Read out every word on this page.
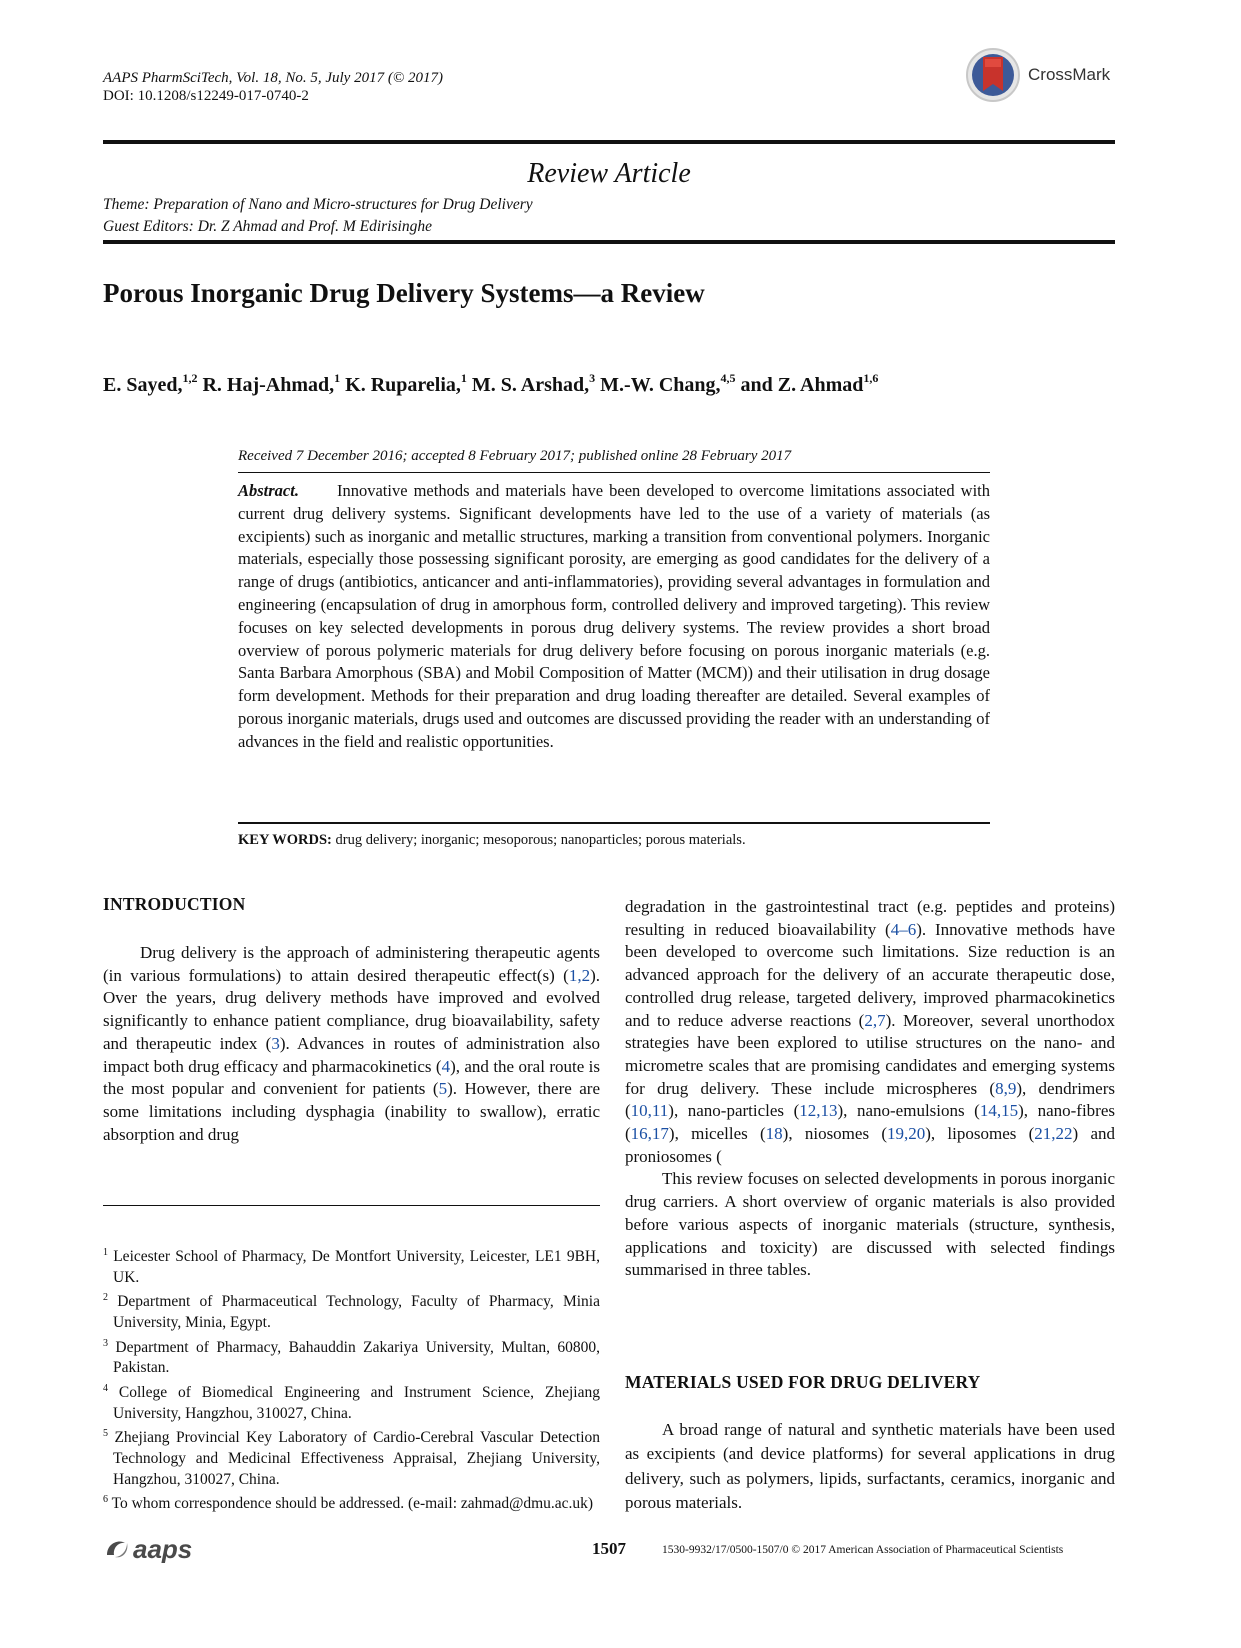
AAPS PharmSciTech, Vol. 18, No. 5, July 2017 (© 2017)
DOI: 10.1208/s12249-017-0740-2
CrossMark
Review Article
Theme: Preparation of Nano and Micro-structures for Drug Delivery
Guest Editors: Dr. Z Ahmad and Prof. M Edirisinghe
Porous Inorganic Drug Delivery Systems—a Review
E. Sayed,$^{1,2}$ R. Haj-Ahmad,$^1$ K. Ruparelia,$^1$ M. S. Arshad,$^3$ M.-W. Chang,$^{4,5}$ and Z. Ahmad$^{1,6}$
Received 7 December 2016; accepted 8 February 2017; published online 28 February 2017
Abstract. Innovative methods and materials have been developed to overcome limitations associated with current drug delivery systems. Significant developments have led to the use of a variety of materials (as excipients) such as inorganic and metallic structures, marking a transition from conventional polymers. Inorganic materials, especially those possessing significant porosity, are emerging as good candidates for the delivery of a range of drugs (antibiotics, anticancer and anti-inflammatories), providing several advantages in formulation and engineering (encapsulation of drug in amorphous form, controlled delivery and improved targeting). This review focuses on key selected developments in porous drug delivery systems. The review provides a short broad overview of porous polymeric materials for drug delivery before focusing on porous inorganic materials (e.g. Santa Barbara Amorphous (SBA) and Mobil Composition of Matter (MCM)) and their utilisation in drug dosage form development. Methods for their preparation and drug loading thereafter are detailed. Several examples of porous inorganic materials, drugs used and outcomes are discussed providing the reader with an understanding of advances in the field and realistic opportunities.
KEY WORDS: drug delivery; inorganic; mesoporous; nanoparticles; porous materials.
INTRODUCTION

Drug delivery is the approach of administering therapeutic agents (in various formulations) to attain desired therapeutic effect(s) (1,2). Over the years, drug delivery methods have improved and evolved significantly to enhance patient compliance, drug bioavailability, safety and therapeutic index (3). Advances in routes of administration also impact both drug efficacy and pharmacokinetics (4), and the oral route is the most popular and convenient for patients (5). However, there are some limitations including dysphagia (inability to swallow), erratic absorption and drug

$^1$ Leicester School of Pharmacy, De Montfort University, Leicester, LE1 9BH, UK.

$^2$ Department of Pharmaceutical Technology, Faculty of Pharmacy, Minia University, Minia, Egypt.

$^3$ Department of Pharmacy, Bahauddin Zakariya University, Multan, 60800, Pakistan.

$^4$ College of Biomedical Engineering and Instrument Science, Zhejiang University, Hangzhou, 310027, China.

$^5$ Zhejiang Provincial Key Laboratory of Cardio-Cerebral Vascular Detection Technology and Medicinal Effectiveness Appraisal, Zhejiang University, Hangzhou, 310027, China.

$^6$ To whom correspondence should be addressed. (e-mail: zahmad@dmu.ac.uk)

degradation in the gastrointestinal tract (e.g. peptides and proteins) resulting in reduced bioavailability (4–6). Innovative methods have been developed to overcome such limitations. Size reduction is an advanced approach for the delivery of an accurate therapeutic dose, controlled drug release, targeted delivery, improved pharmacokinetics and to reduce adverse reactions (2,7). Moreover, several unorthodox strategies have been explored to utilise structures on the nano- and micrometre scales that are promising candidates and emerging systems for drug delivery. These include microspheres (8,9), dendrimers (10,11), nano-particles (12,13), nano-emulsions (14,15), nano-fibres (16,17), micelles (18), niosomes (19,20), liposomes (21,22) and proniosomes (

This review focuses on selected developments in porous inorganic drug carriers. A short overview of organic materials is also provided before various aspects of inorganic materials (structure, synthesis, applications and toxicity) are discussed with selected findings summarised in three tables.

MATERIALS USED FOR DRUG DELIVERY

A broad range of natural and synthetic materials have been used as excipients (and device platforms) for several applications in drug delivery, such as polymers, lipids, surfactants, ceramics, inorganic and porous materials.

aaps	1507	1530-9932/17/0500-1507/0 © 2017 American Association of Pharmaceutical Scientists
